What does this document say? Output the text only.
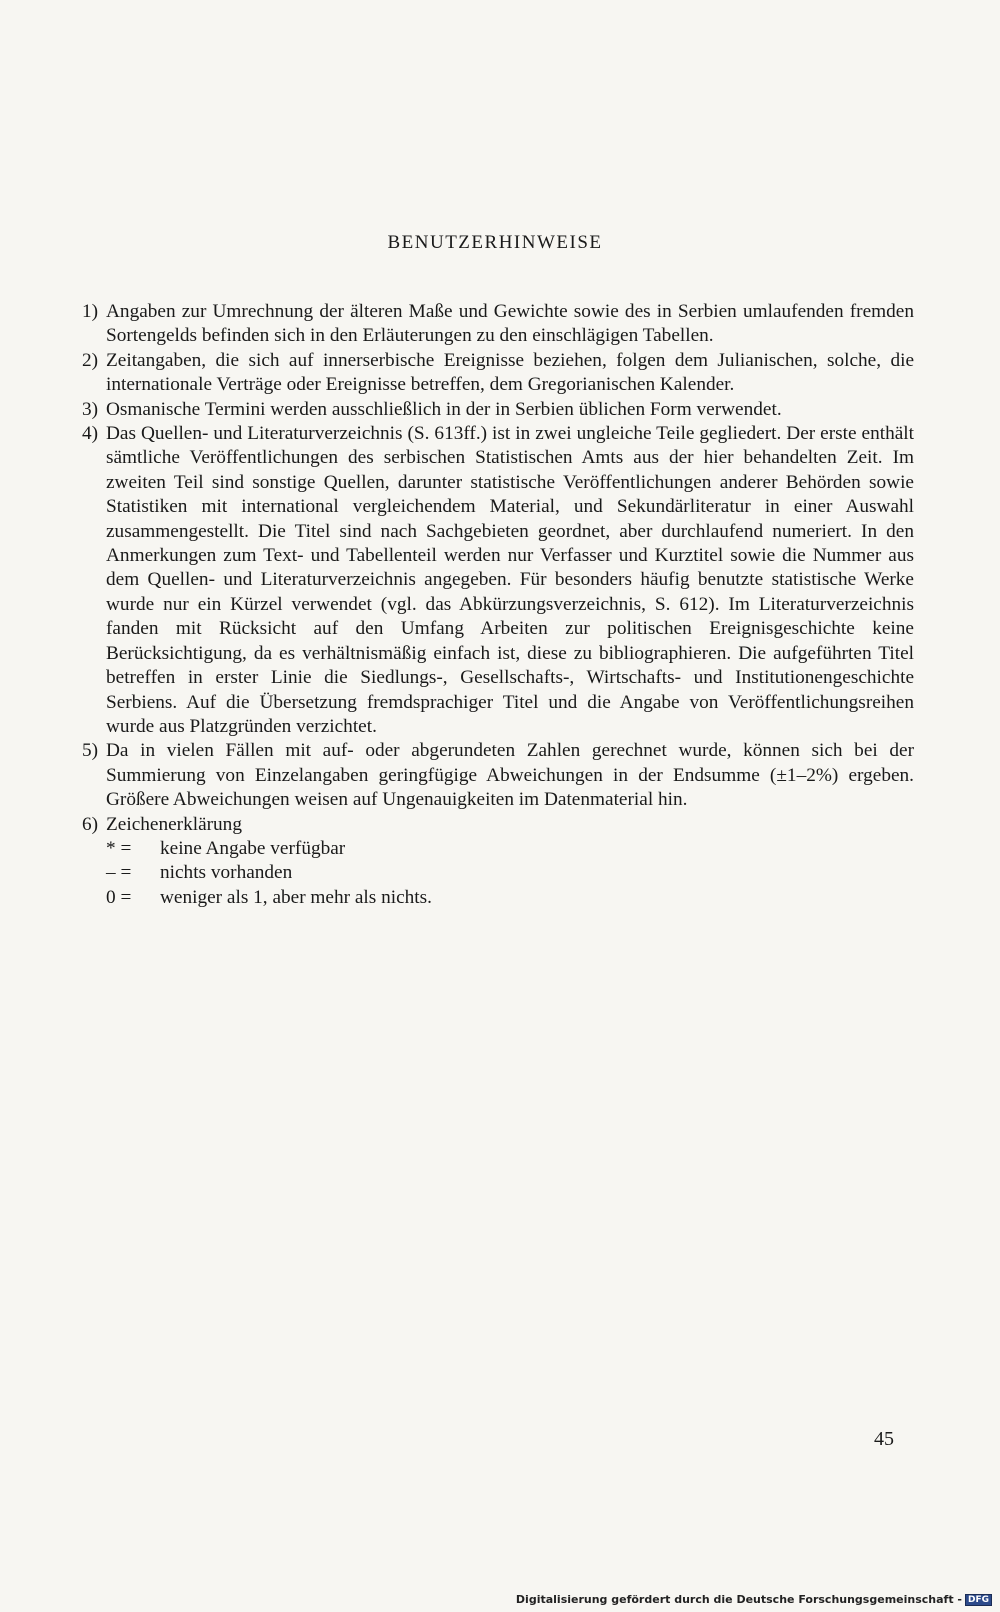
BENUTZERHINWEISE

1) Angaben zur Umrechnung der älteren Maße und Gewichte sowie des in Serbien umlaufenden fremden Sortengelds befinden sich in den Erläuterungen zu den einschlägigen Tabellen.

2) Zeitangaben, die sich auf innerserbische Ereignisse beziehen, folgen dem Julianischen, solche, die internationale Verträge oder Ereignisse betreffen, dem Gregorianischen Kalender.

3) Osmanische Termini werden ausschließlich in der in Serbien üblichen Form verwendet.

4) Das Quellen- und Literaturverzeichnis (S. 613ff.) ist in zwei ungleiche Teile gegliedert. Der erste enthält sämtliche Veröffentlichungen des serbischen Statistischen Amts aus der hier behandelten Zeit. Im zweiten Teil sind sonstige Quellen, darunter statistische Veröffentlichungen anderer Behörden sowie Statistiken mit international vergleichendem Material, und Sekundärliteratur in einer Auswahl zusammengestellt. Die Titel sind nach Sachgebieten geordnet, aber durchlaufend numeriert. In den Anmerkungen zum Text- und Tabellenteil werden nur Verfasser und Kurztitel sowie die Nummer aus dem Quellen- und Literaturverzeichnis angegeben. Für besonders häufig benutzte statistische Werke wurde nur ein Kürzel verwendet (vgl. das Abkürzungsverzeichnis, S. 612). Im Literaturverzeichnis fanden mit Rücksicht auf den Umfang Arbeiten zur politischen Ereignisgeschichte keine Berücksichtigung, da es verhältnismäßig einfach ist, diese zu bibliographieren. Die aufgeführten Titel betreffen in erster Linie die Siedlungs-, Gesellschafts-, Wirtschafts- und Institutionengeschichte Serbiens. Auf die Übersetzung fremdsprachiger Titel und die Angabe von Veröffentlichungsreihen wurde aus Platzgründen verzichtet.

5) Da in vielen Fällen mit auf- oder abgerundeten Zahlen gerechnet wurde, können sich bei der Summierung von Einzelangaben geringfügige Abweichungen in der Endsumme (±1–2%) ergeben. Größere Abweichungen weisen auf Ungenauigkeiten im Datenmaterial hin.

6) Zeichenerklärung

* =	keine Angabe verfügbar
– =	nichts vorhanden
0 =	weniger als 1, aber mehr als nichts.
45
Digitalisierung gefördert durch die Deutsche Forschungsgemeinschaft - DFG
